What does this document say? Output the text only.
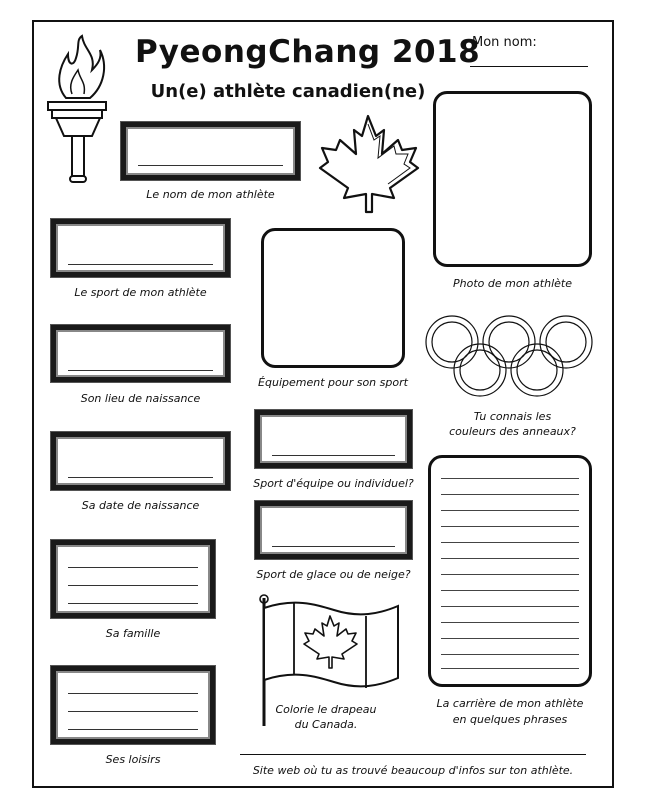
PyeongChang 2018
Un(e) athlète canadien(ne)
Mon nom:
Le nom de mon athlète
Le sport de mon athlète
Son lieu de naissance
Sa date de naissance
Sa famille
Ses loisirs
Équipement pour son sport
Sport d'équipe ou individuel?
Sport de glace ou de neige?
Colorie le drapeau
du Canada.
Photo de mon athlète
Tu connais les
couleurs des anneaux?
La carrière de mon athlète
en quelques phrases
Site web où tu as trouvé beaucoup d'infos sur ton athlète.
